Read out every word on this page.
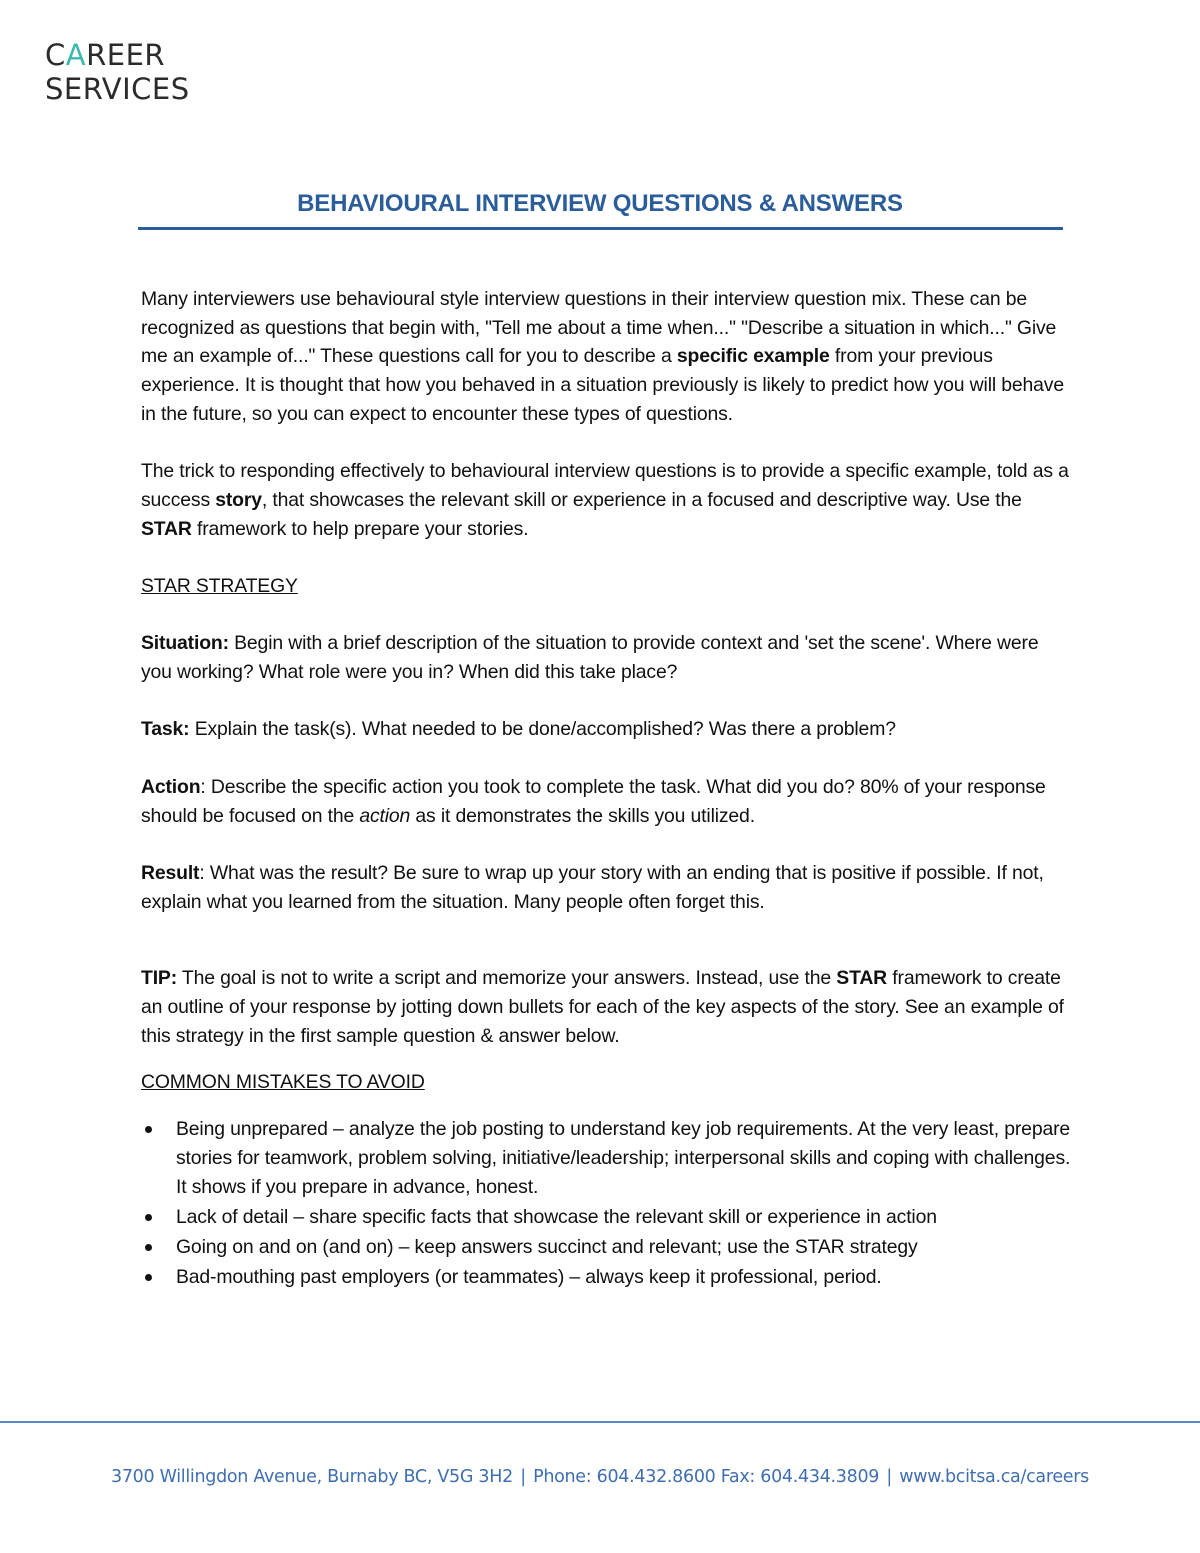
CAREER
SERVICES
BEHAVIOURAL INTERVIEW QUESTIONS & ANSWERS

Many interviewers use behavioural style interview questions in their interview question mix. These can be recognized as questions that begin with, "Tell me about a time when..." "Describe a situation in which..." Give me an example of..." These questions call for you to describe a specific example from your previous experience. It is thought that how you behaved in a situation previously is likely to predict how you will behave in the future, so you can expect to encounter these types of questions.

The trick to responding effectively to behavioural interview questions is to provide a specific example, told as a success story, that showcases the relevant skill or experience in a focused and descriptive way. Use the STAR framework to help prepare your stories.

STAR STRATEGY

Situation: Begin with a brief description of the situation to provide context and 'set the scene'. Where were you working? What role were you in? When did this take place?

Task: Explain the task(s). What needed to be done/accomplished? Was there a problem?

Action: Describe the specific action you took to complete the task. What did you do? 80% of your response should be focused on the action as it demonstrates the skills you utilized.

Result: What was the result? Be sure to wrap up your story with an ending that is positive if possible. If not, explain what you learned from the situation. Many people often forget this.

TIP: The goal is not to write a script and memorize your answers. Instead, use the STAR framework to create an outline of your response by jotting down bullets for each of the key aspects of the story. See an example of this strategy in the first sample question & answer below.

COMMON MISTAKES TO AVOID

Being unprepared – analyze the job posting to understand key job requirements. At the very least, prepare stories for teamwork, problem solving, initiative/leadership; interpersonal skills and coping with challenges. It shows if you prepare in advance, honest.
Lack of detail – share specific facts that showcase the relevant skill or experience in action
Going on and on (and on) – keep answers succinct and relevant; use the STAR strategy
Bad-mouthing past employers (or teammates) – always keep it professional, period.
3700 Willingdon Avenue, Burnaby BC, V5G 3H2 | Phone: 604.432.8600 Fax: 604.434.3809 | www.bcitsa.ca/careers
